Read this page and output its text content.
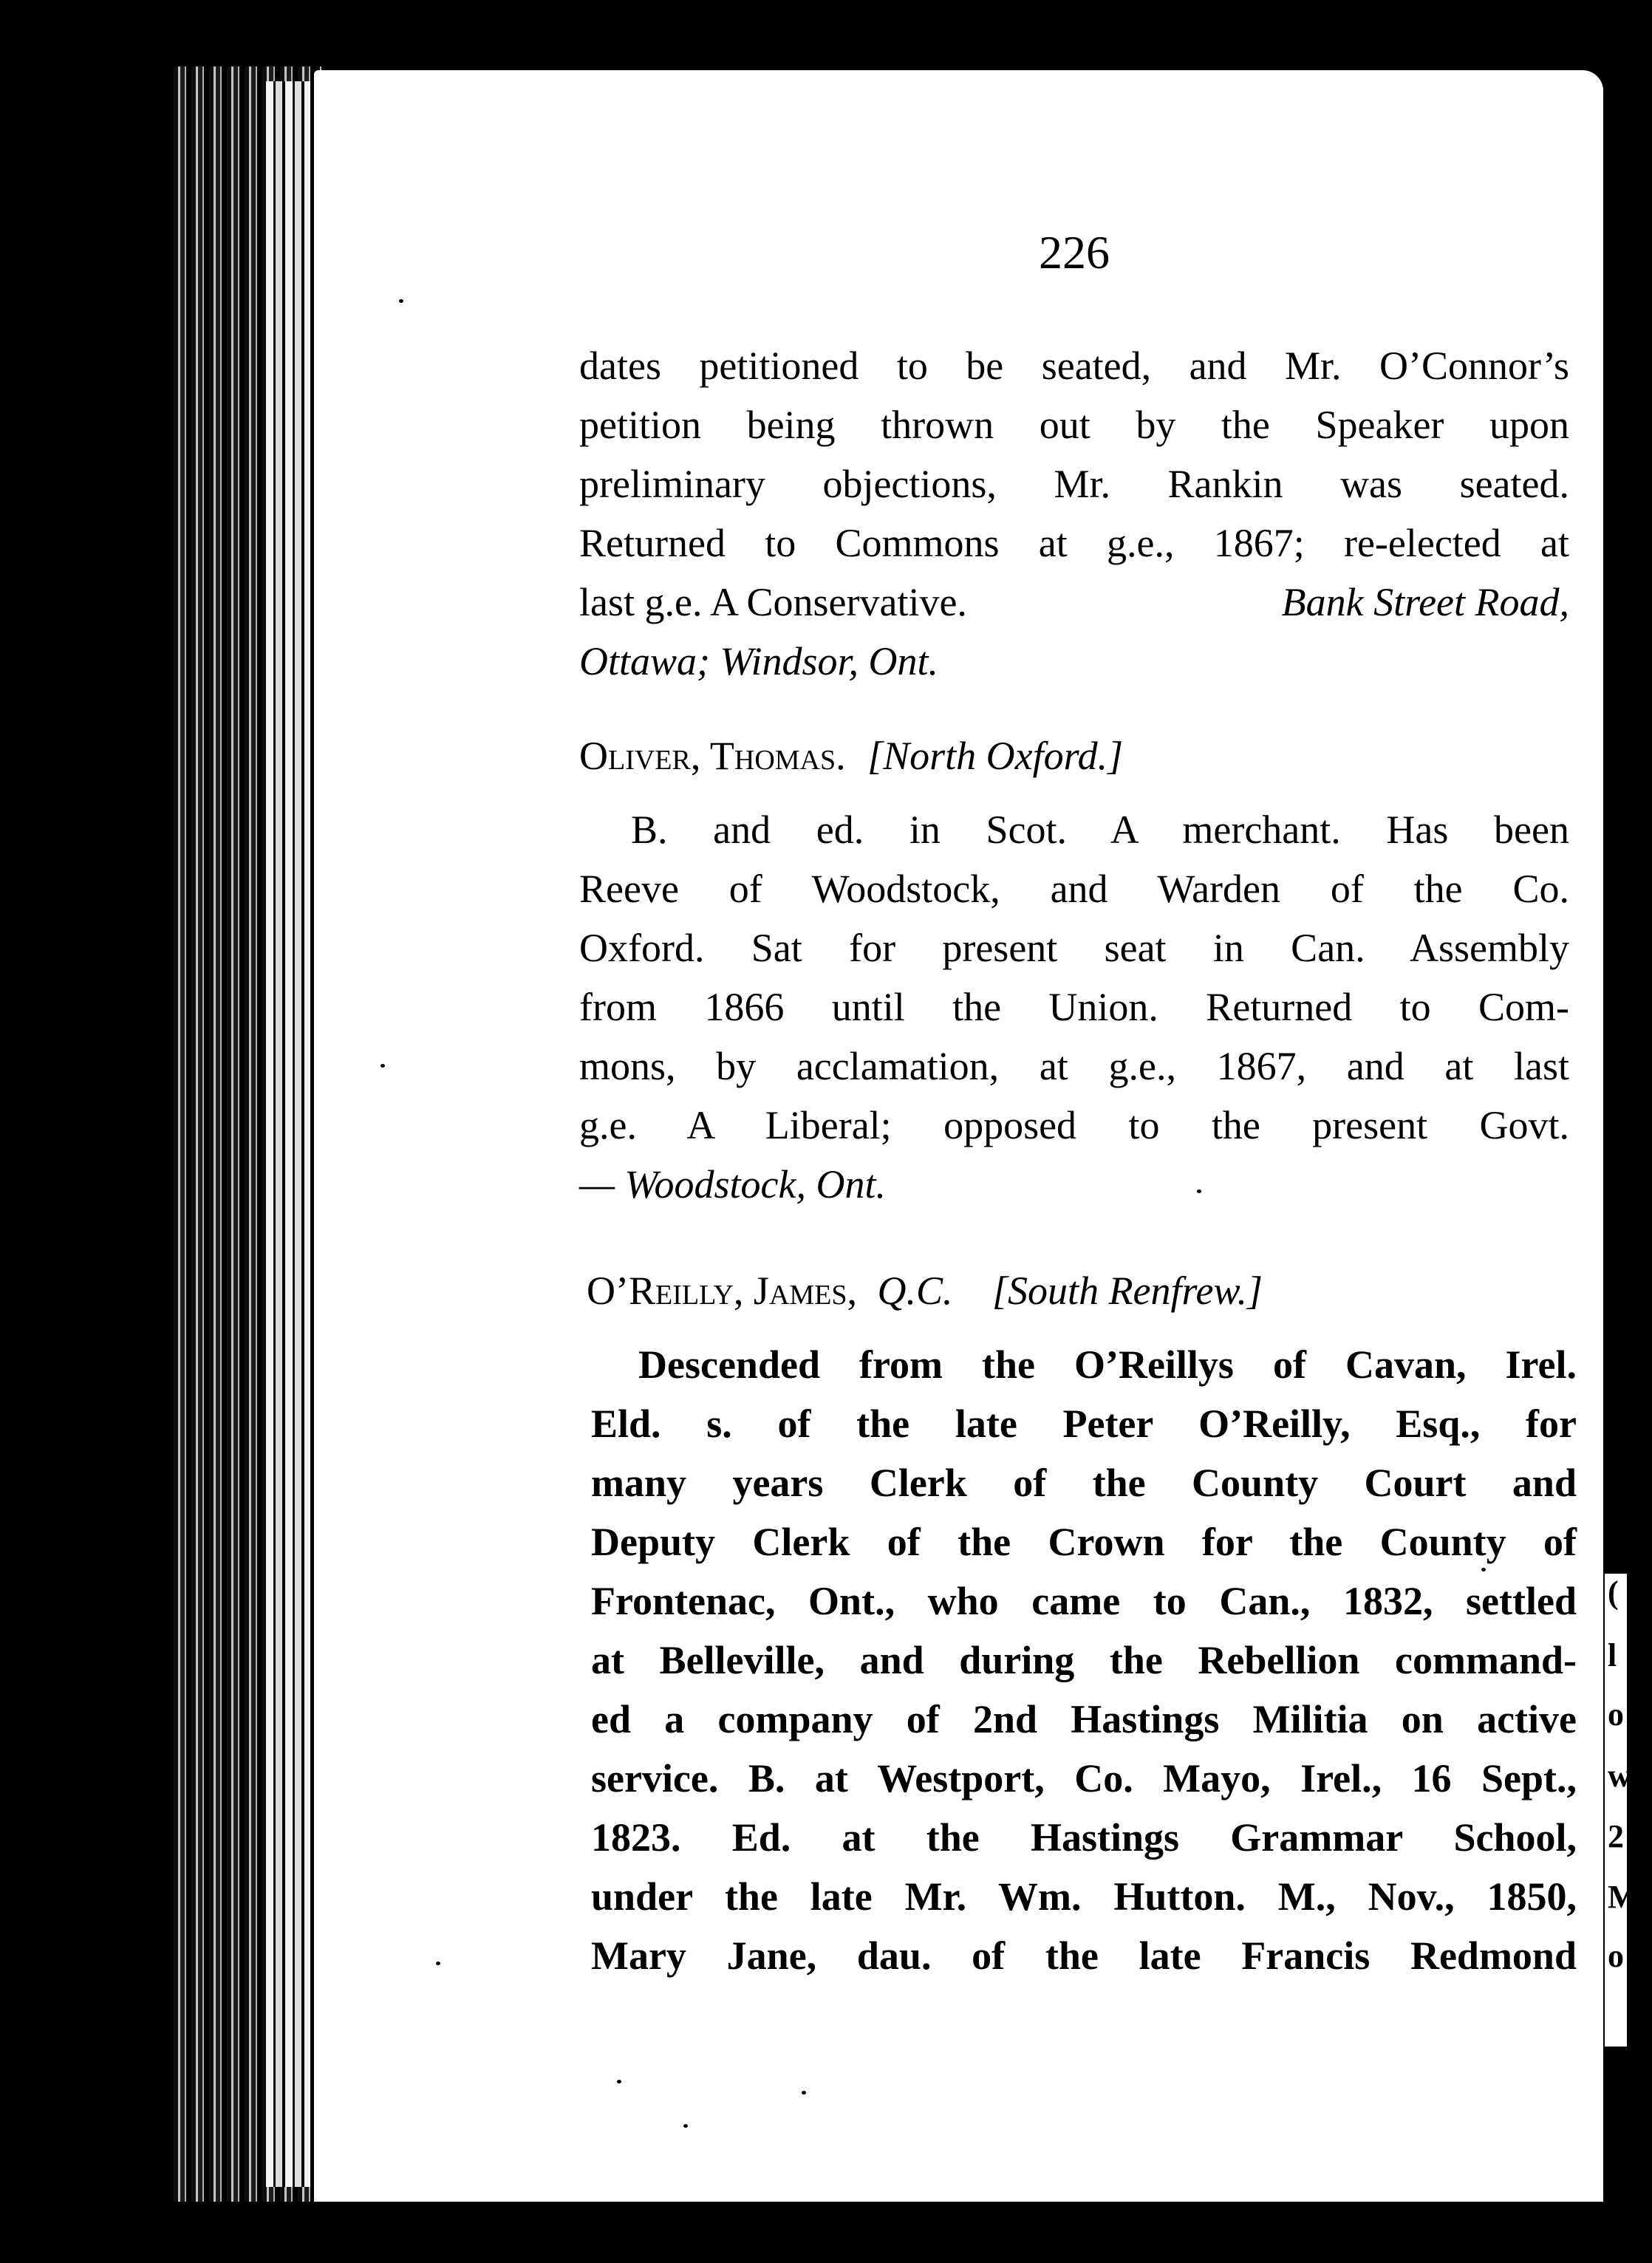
(
l
o
w
2
M
o
226
dates petitioned to be seated, and Mr. O’Connor’s
petition being thrown out by the Speaker upon
preliminary objections, Mr. Rankin was seated.
Returned to Commons at g.e., 1867; re-elected at
last g.e. A Conservative.	Bank Street Road,
Ottawa; Windsor, Ont.
Oliver, Thomas. [North Oxford.]
B. and ed. in Scot. A merchant. Has been
Reeve of Woodstock, and Warden of the Co.
Oxford. Sat for present seat in Can. Assembly
from 1866 until the Union. Returned to Com-
mons, by acclamation, at g.e., 1867, and at last
g.e. A Liberal; opposed to the present Govt.
— Woodstock, Ont.
O’Reilly, James, Q.C. [South Renfrew.]
Descended from the O’Reillys of Cavan, Irel.
Eld. s. of the late Peter O’Reilly, Esq., for
many years Clerk of the County Court and
Deputy Clerk of the Crown for the County of
Frontenac, Ont., who came to Can., 1832, settled
at Belleville, and during the Rebellion command-
ed a company of 2nd Hastings Militia on active
service. B. at Westport, Co. Mayo, Irel., 16 Sept.,
1823. Ed. at the Hastings Grammar School,
under the late Mr. Wm. Hutton. M., Nov., 1850,
Mary Jane, dau. of the late Francis Redmond
